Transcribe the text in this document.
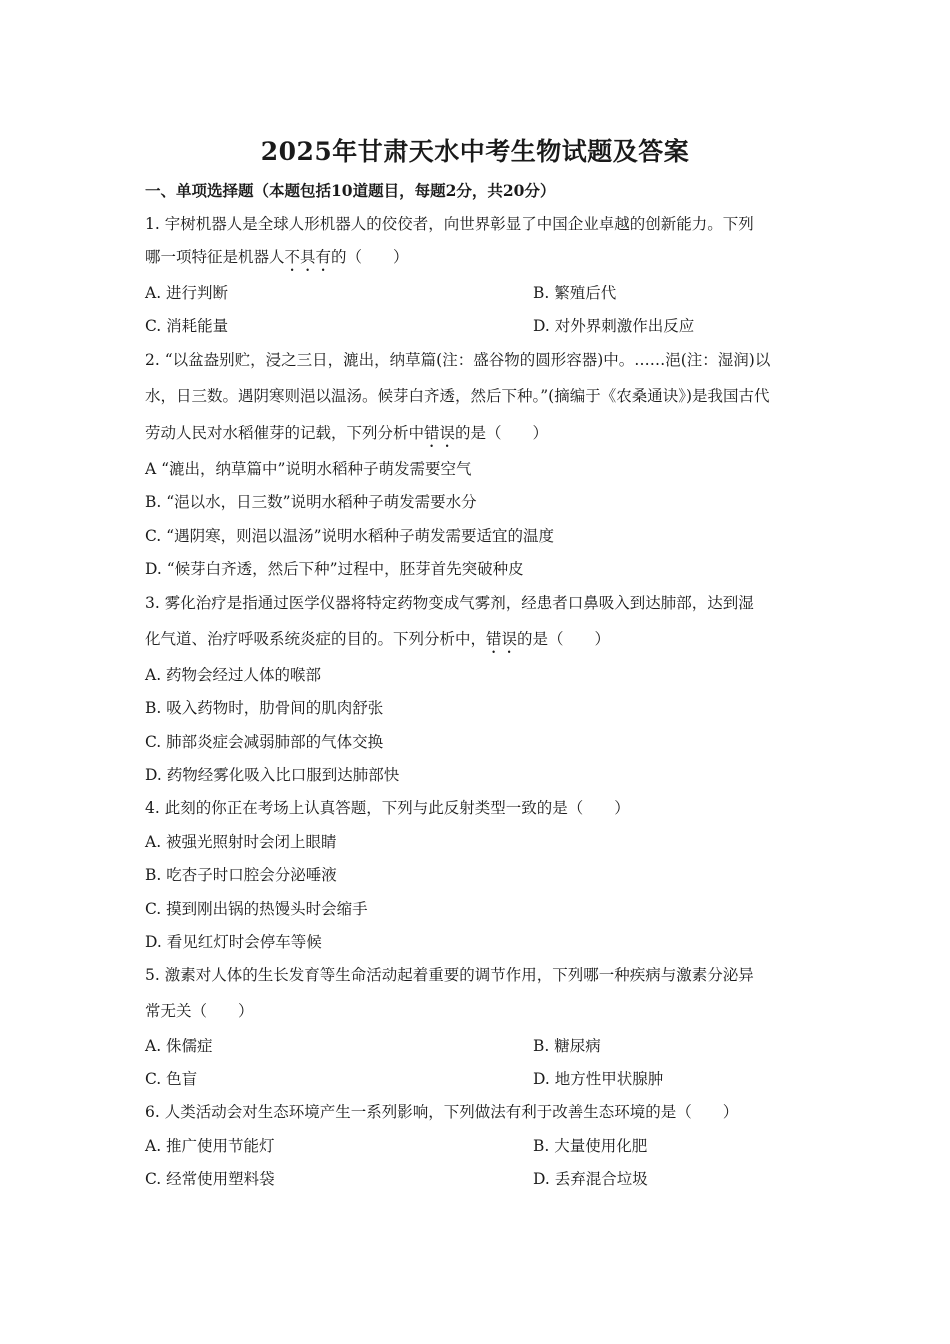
2025年甘肃天水中考生物试题及答案
一、单项选择题（本题包括10道题目，每题2分，共20分）
1. 宇树机器人是全球人形机器人的佼佼者，向世界彰显了中国企业卓越的创新能力。下列
哪一项特征是机器人不具有的（　　）
A. 进行判断	B. 繁殖后代
C. 消耗能量	D. 对外界刺激作出反应
2. “以盆盎别贮，浸之三日，漉出，纳草篇(注：盛谷物的圆形容器)中。……浥(注：湿润)以
水，日三数。遇阴寒则浥以温汤。候芽白齐透，然后下种。”(摘编于《农桑通诀》)是我国古代
劳动人民对水稻催芽的记载，下列分析中错误的是（　　）
A “漉出，纳草篇中”说明水稻种子萌发需要空气
B. “浥以水，日三数”说明水稻种子萌发需要水分
C. “遇阴寒，则浥以温汤”说明水稻种子萌发需要适宜的温度
D. “候芽白齐透，然后下种”过程中，胚芽首先突破种皮
3. 雾化治疗是指通过医学仪器将特定药物变成气雾剂，经患者口鼻吸入到达肺部，达到湿
化气道、治疗呼吸系统炎症的目的。下列分析中，错误的是（　　）
A. 药物会经过人体的喉部
B. 吸入药物时，肋骨间的肌肉舒张
C. 肺部炎症会减弱肺部的气体交换
D. 药物经雾化吸入比口服到达肺部快
4. 此刻的你正在考场上认真答题，下列与此反射类型一致的是（　　）
A. 被强光照射时会闭上眼睛
B. 吃杏子时口腔会分泌唾液
C. 摸到刚出锅的热馒头时会缩手
D. 看见红灯时会停车等候
5. 激素对人体的生长发育等生命活动起着重要的调节作用，下列哪一种疾病与激素分泌异
常无关（　　）
A. 侏儒症	B. 糖尿病
C. 色盲	D. 地方性甲状腺肿
6. 人类活动会对生态环境产生一系列影响，下列做法有利于改善生态环境的是（　　）
A. 推广使用节能灯	B. 大量使用化肥
C. 经常使用塑料袋	D. 丢弃混合垃圾
